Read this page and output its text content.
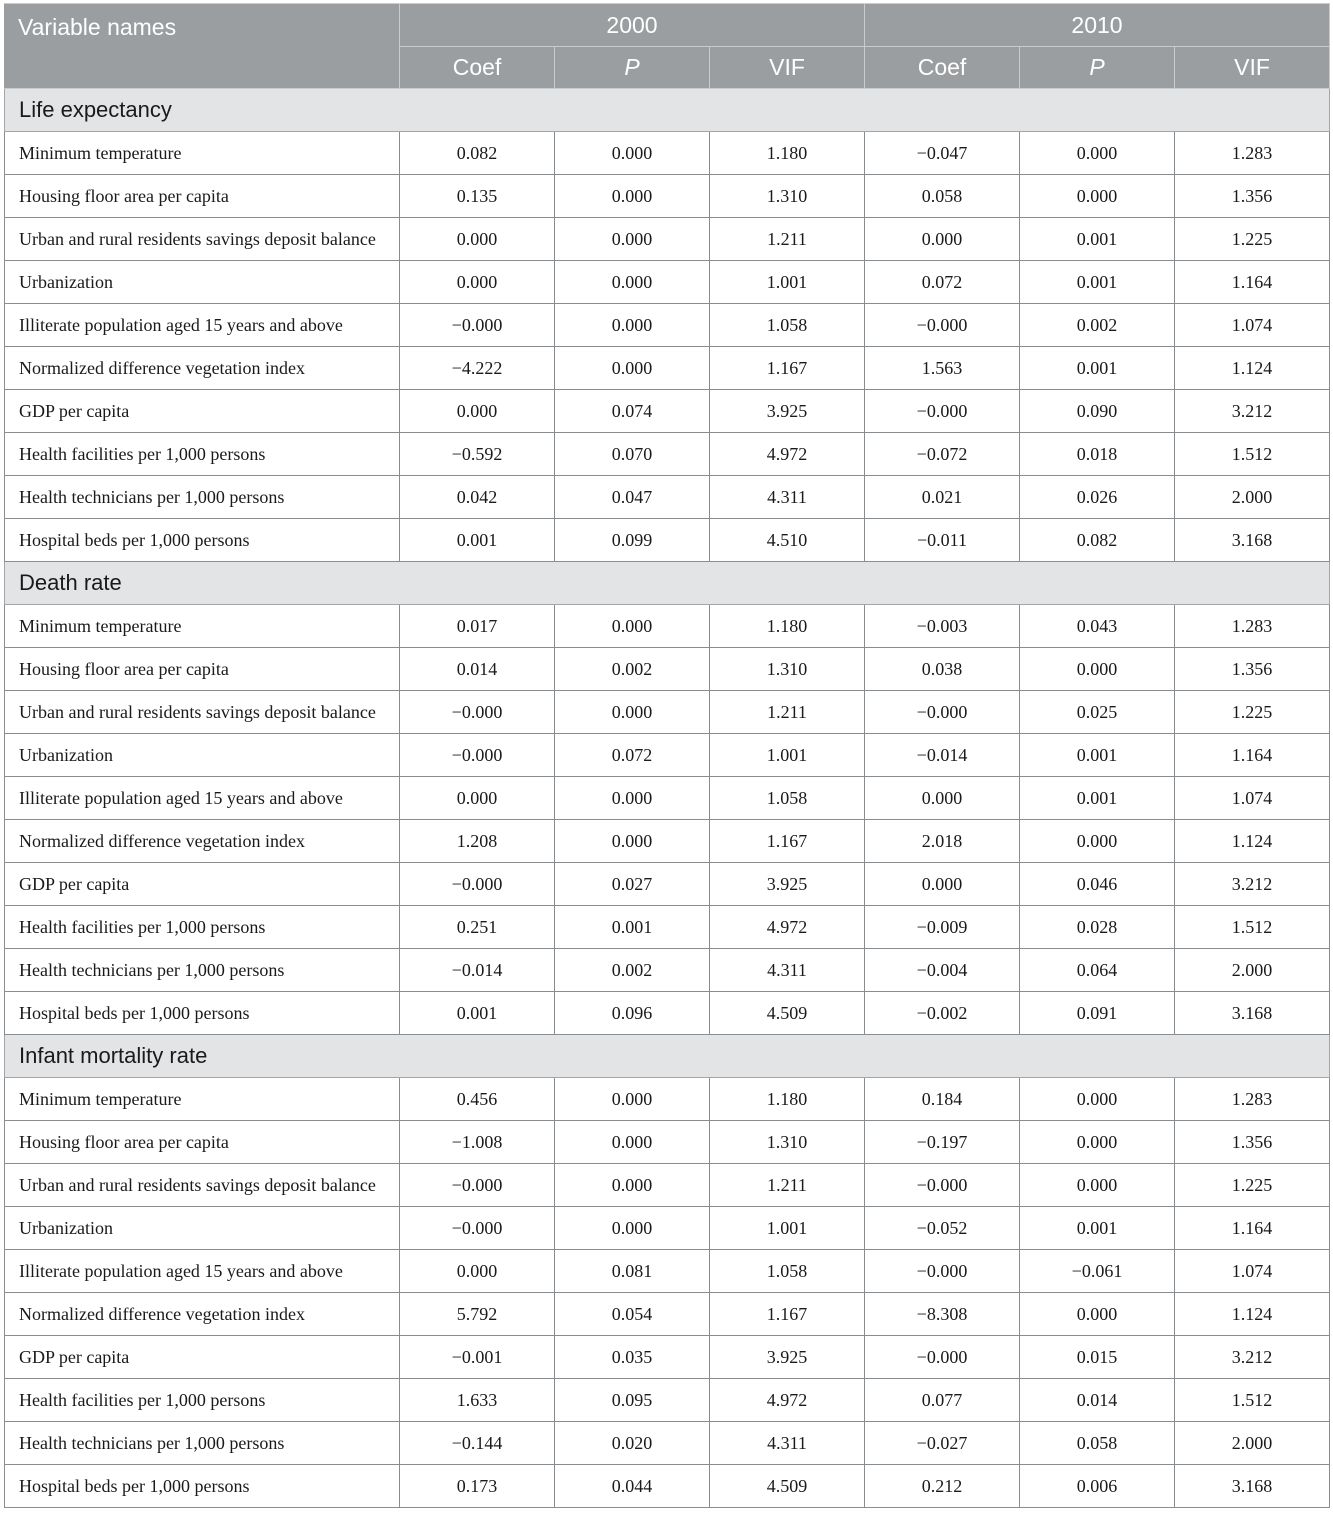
Variable names	2000			2010		
	Coef	P	VIF	Coef	P	VIF
Life expectancy						
Minimum temperature	0.082	0.000	1.180	−0.047	0.000	1.283
Housing floor area per capita	0.135	0.000	1.310	0.058	0.000	1.356
Urban and rural residents savings deposit balance	0.000	0.000	1.211	0.000	0.001	1.225
Urbanization	0.000	0.000	1.001	0.072	0.001	1.164
Illiterate population aged 15 years and above	−0.000	0.000	1.058	−0.000	0.002	1.074
Normalized difference vegetation index	−4.222	0.000	1.167	1.563	0.001	1.124
GDP per capita	0.000	0.074	3.925	−0.000	0.090	3.212
Health facilities per 1,000 persons	−0.592	0.070	4.972	−0.072	0.018	1.512
Health technicians per 1,000 persons	0.042	0.047	4.311	0.021	0.026	2.000
Hospital beds per 1,000 persons	0.001	0.099	4.510	−0.011	0.082	3.168
Death rate						
Minimum temperature	0.017	0.000	1.180	−0.003	0.043	1.283
Housing floor area per capita	0.014	0.002	1.310	0.038	0.000	1.356
Urban and rural residents savings deposit balance	−0.000	0.000	1.211	−0.000	0.025	1.225
Urbanization	−0.000	0.072	1.001	−0.014	0.001	1.164
Illiterate population aged 15 years and above	0.000	0.000	1.058	0.000	0.001	1.074
Normalized difference vegetation index	1.208	0.000	1.167	2.018	0.000	1.124
GDP per capita	−0.000	0.027	3.925	0.000	0.046	3.212
Health facilities per 1,000 persons	0.251	0.001	4.972	−0.009	0.028	1.512
Health technicians per 1,000 persons	−0.014	0.002	4.311	−0.004	0.064	2.000
Hospital beds per 1,000 persons	0.001	0.096	4.509	−0.002	0.091	3.168
Infant mortality rate						
Minimum temperature	0.456	0.000	1.180	0.184	0.000	1.283
Housing floor area per capita	−1.008	0.000	1.310	−0.197	0.000	1.356
Urban and rural residents savings deposit balance	−0.000	0.000	1.211	−0.000	0.000	1.225
Urbanization	−0.000	0.000	1.001	−0.052	0.001	1.164
Illiterate population aged 15 years and above	0.000	0.081	1.058	−0.000	−0.061	1.074
Normalized difference vegetation index	5.792	0.054	1.167	−8.308	0.000	1.124
GDP per capita	−0.001	0.035	3.925	−0.000	0.015	3.212
Health facilities per 1,000 persons	1.633	0.095	4.972	0.077	0.014	1.512
Health technicians per 1,000 persons	−0.144	0.020	4.311	−0.027	0.058	2.000
Hospital beds per 1,000 persons	0.173	0.044	4.509	0.212	0.006	3.168
